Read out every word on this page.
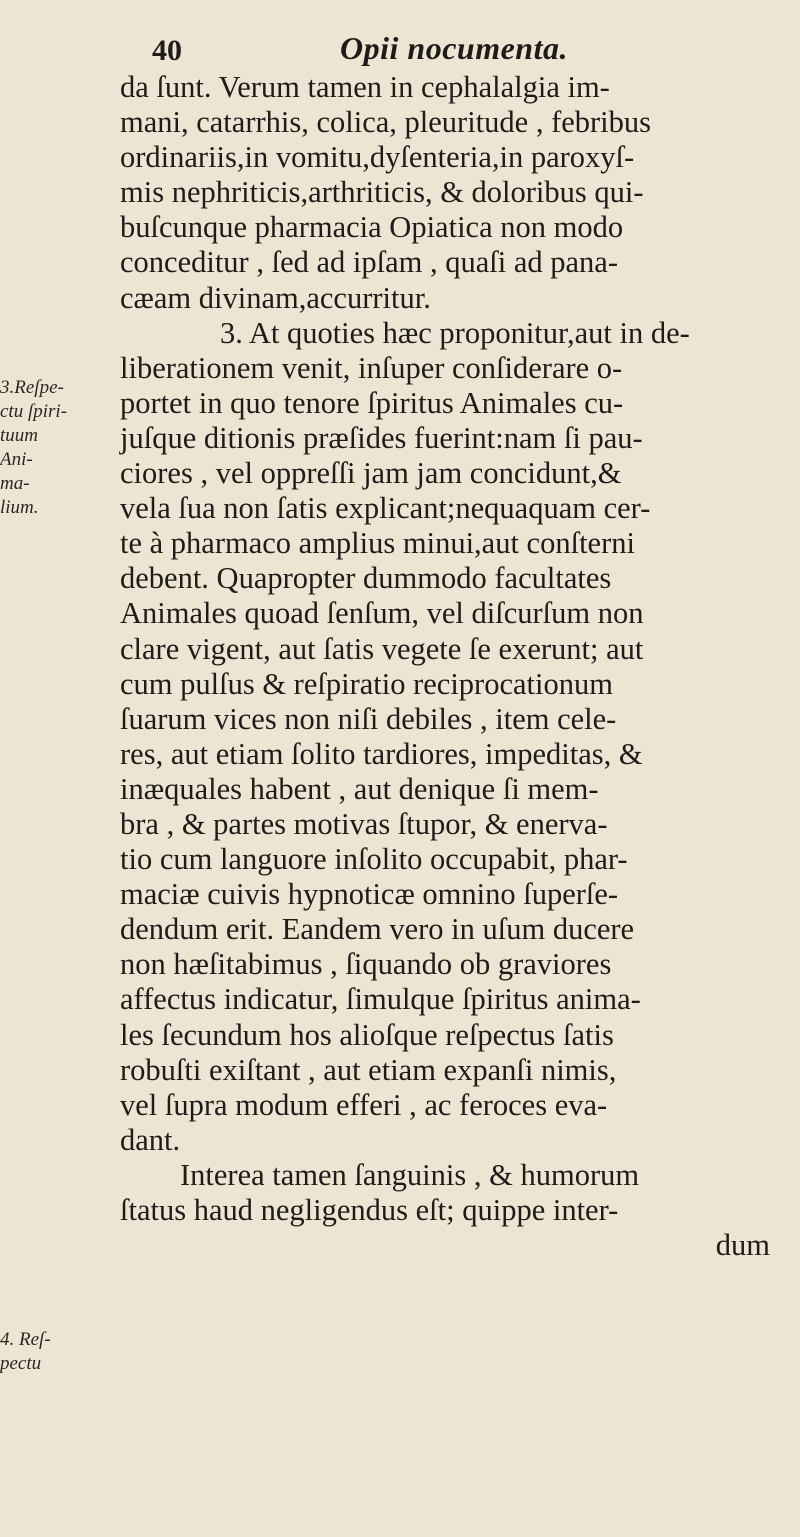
40	Opii nocumenta.
da ſunt. Verum tamen in cephalalgia im-
mani, catarrhis, colica, pleuritude , febribus
ordinariis,in vomitu,dyſenteria,in paroxyſ-
mis nephriticis,arthriticis, & doloribus qui-
buſcunque pharmacia Opiatica non modo
conceditur , ſed ad ipſam , quaſi ad pana-
cæam divinam,accurritur.
3. At quoties hæc proponitur,aut in de-
liberationem venit, inſuper conſiderare o-
portet in quo tenore ſpiritus Animales cu-
juſque ditionis præſides fuerint:nam ſi pau-
ciores , vel oppreſſi jam jam concidunt,&
vela ſua non ſatis explicant;nequaquam cer-
te à pharmaco amplius minui,aut conſterni
debent. Quapropter dummodo facultates
Animales quoad ſenſum, vel diſcurſum non
clare vigent, aut ſatis vegete ſe exerunt; aut
cum pulſus & reſpiratio reciprocationum
ſuarum vices non niſi debiles , item cele-
res, aut etiam ſolito tardiores, impeditas, &
inæquales habent , aut denique ſi mem-
bra , & partes motivas ſtupor, & enerva-
tio cum languore inſolito occupabit, phar-
maciæ cuivis hypnoticæ omnino ſuperſe-
dendum erit. Eandem vero in uſum ducere
non hæſitabimus , ſiquando ob graviores
affectus indicatur, ſimulque ſpiritus anima-
les ſecundum hos alioſque reſpectus ſatis
robuſti exiſtant , aut etiam expanſi nimis,
vel ſupra modum efferi , ac feroces eva-
dant.
Interea tamen ſanguinis , & humorum
ſtatus haud negligendus eſt; quippe inter-
dum
3.Reſpe-
ctu ſpiri-
tuum
Ani-
ma-
lium.
4. Reſ-
pectu
